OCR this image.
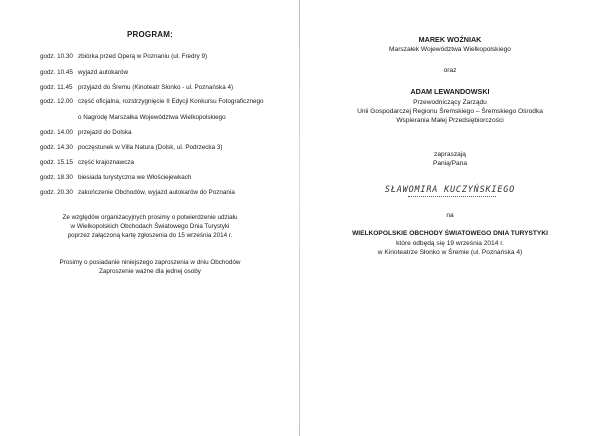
PROGRAM:
godz. 10.30 zbiórka przed Operą w Poznaniu (ul. Fredry 9)
godz. 10.45 wyjazd autokarów
godz. 11.45 przyjazd do Śremu (Kinoteatr Słonko - ul. Poznańska 4)
godz. 12.00 część oficjalna, rozstrzygnięcie II Edycji Konkursu Fotograficznego
o Nagrodę Marszałka Województwa Wielkopolskiego
godz. 14.00 przejazd do Dolska
godz. 14.30 poczęstunek w Villa Natura (Dolsk, ul. Podrzecka 3)
godz. 15.15 część krajoznawcza
godz. 18.30 biesiada turystyczna we Włościejewkach
godz. 20.30 zakończenie Obchodów, wyjazd autokarów do Poznania
Ze względów organizacyjnych prosimy o potwierdzenie udziału
w Wielkopolskich Obchodach Światowego Dnia Turystyki
poprzez załączoną kartę zgłoszenia do 15 września 2014 r.
Prosimy o posiadanie niniejszego zaproszenia w dniu Obchodów
Zaproszenie ważne dla jednej osoby
MAREK WOŹNIAK
Marszałek Województwa Wielkopolskiego
oraz
ADAM LEWANDOWSKI
Przewodniczący Zarządu
Unii Gospodarczej Regionu Śremskiego – Śremskiego Ośrodka
Wspierania Małej Przedsiębiorczości
zapraszają
Panią/Pana
SŁAWOMIRA KUCZYŃSKIEGO
na
WIELKOPOLSKIE OBCHODY ŚWIATOWEGO DNIA TURYSTYKI
które odbędą się 19 września 2014 r.
w Kinoteatrze Słonko w Śremie (ul. Poznańska 4)
